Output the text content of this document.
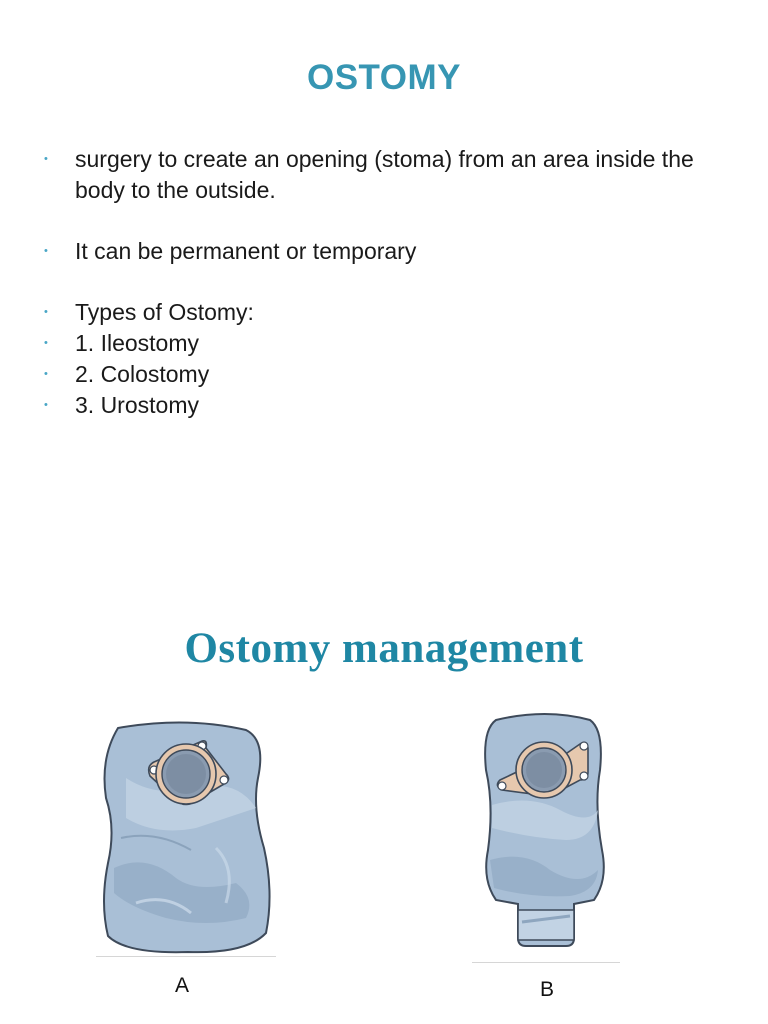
OSTOMY
• surgery to create an opening (stoma) from an area inside the body to the outside.
• It can be permanent or temporary
• Types of Ostomy:
• 1. Ileostomy
• 2. Colostomy
• 3. Urostomy
Ostomy management
A	B
